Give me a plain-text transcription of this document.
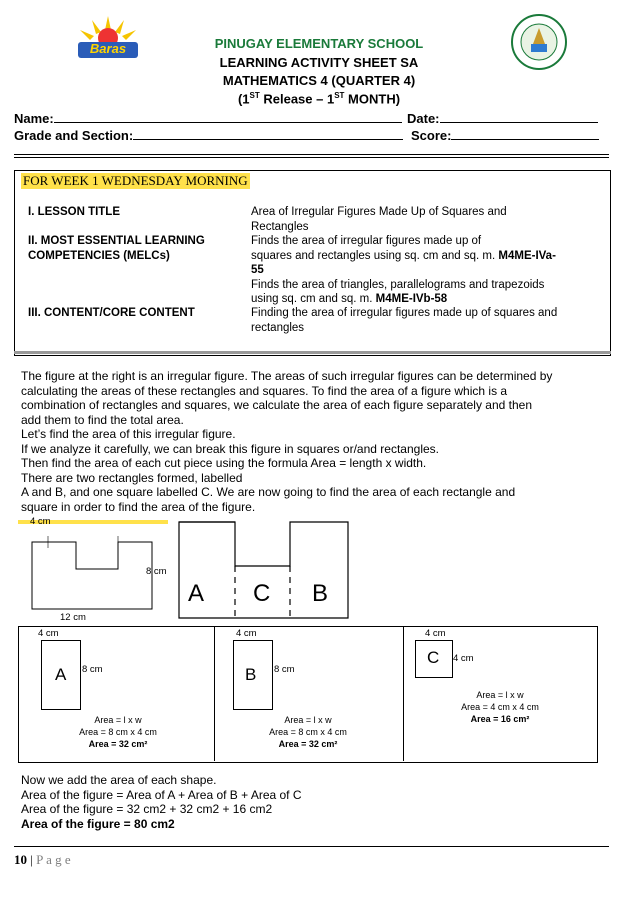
Baras	PINUGAY ELEMENTARY SCHOOL
LEARNING ACTIVITY SHEET SA
MATHEMATICS 4 (QUARTER 4)
(1ST Release – 1ST MONTH)
Name:	Date:
Grade and Section:	Score:
FOR WEEK 1 WEDNESDAY MORNING
I. LESSON TITLE	Area of Irregular Figures Made Up of Squares and
Rectangles
II. MOST ESSENTIAL LEARNING
COMPETENCIES (MELCs)
Finds the area of irregular figures made up of
squares and rectangles using sq. cm and sq. m. M4ME-IVa-
55
Finds the area of triangles, parallelograms and trapezoids
using sq. cm and sq. m. M4ME-IVb-58
III. CONTENT/CORE CONTENT	Finding the area of irregular figures made up of squares and
rectangles
The figure at the right is an irregular figure. The areas of such irregular figures can be determined by
calculating the areas of these rectangles and squares. To find the area of a figure which is a
combination of rectangles and squares, we calculate the area of each figure separately and then
add them to find the total area.
Let’s find the area of this irregular figure.
If we analyze it carefully, we can break this figure in squares or/and rectangles.
Then find the area of each cut piece using the formula Area = length x width.
There are two rectangles formed, labelled
A and B, and one square labelled C. We are now going to find the area of each rectangle and
square in order to find the area of the figure.
4 cm
8 cm
12 cm
A C B
4 cm
A 8 cm
Area = l x w
Area = 8 cm x 4 cm
Area = 32 cm²
4 cm
B 8 cm
Area = l x w
Area = 8 cm x 4 cm
Area = 32 cm²
4 cm
C 4 cm
Area = l x w
Area = 4 cm x 4 cm
Area = 16 cm²
Now we add the area of each shape.
Area of the figure = Area of A + Area of B + Area of C
Area of the figure = 32 cm2 + 32 cm2 + 16 cm2
Area of the figure = 80 cm2
10 | P a g e
